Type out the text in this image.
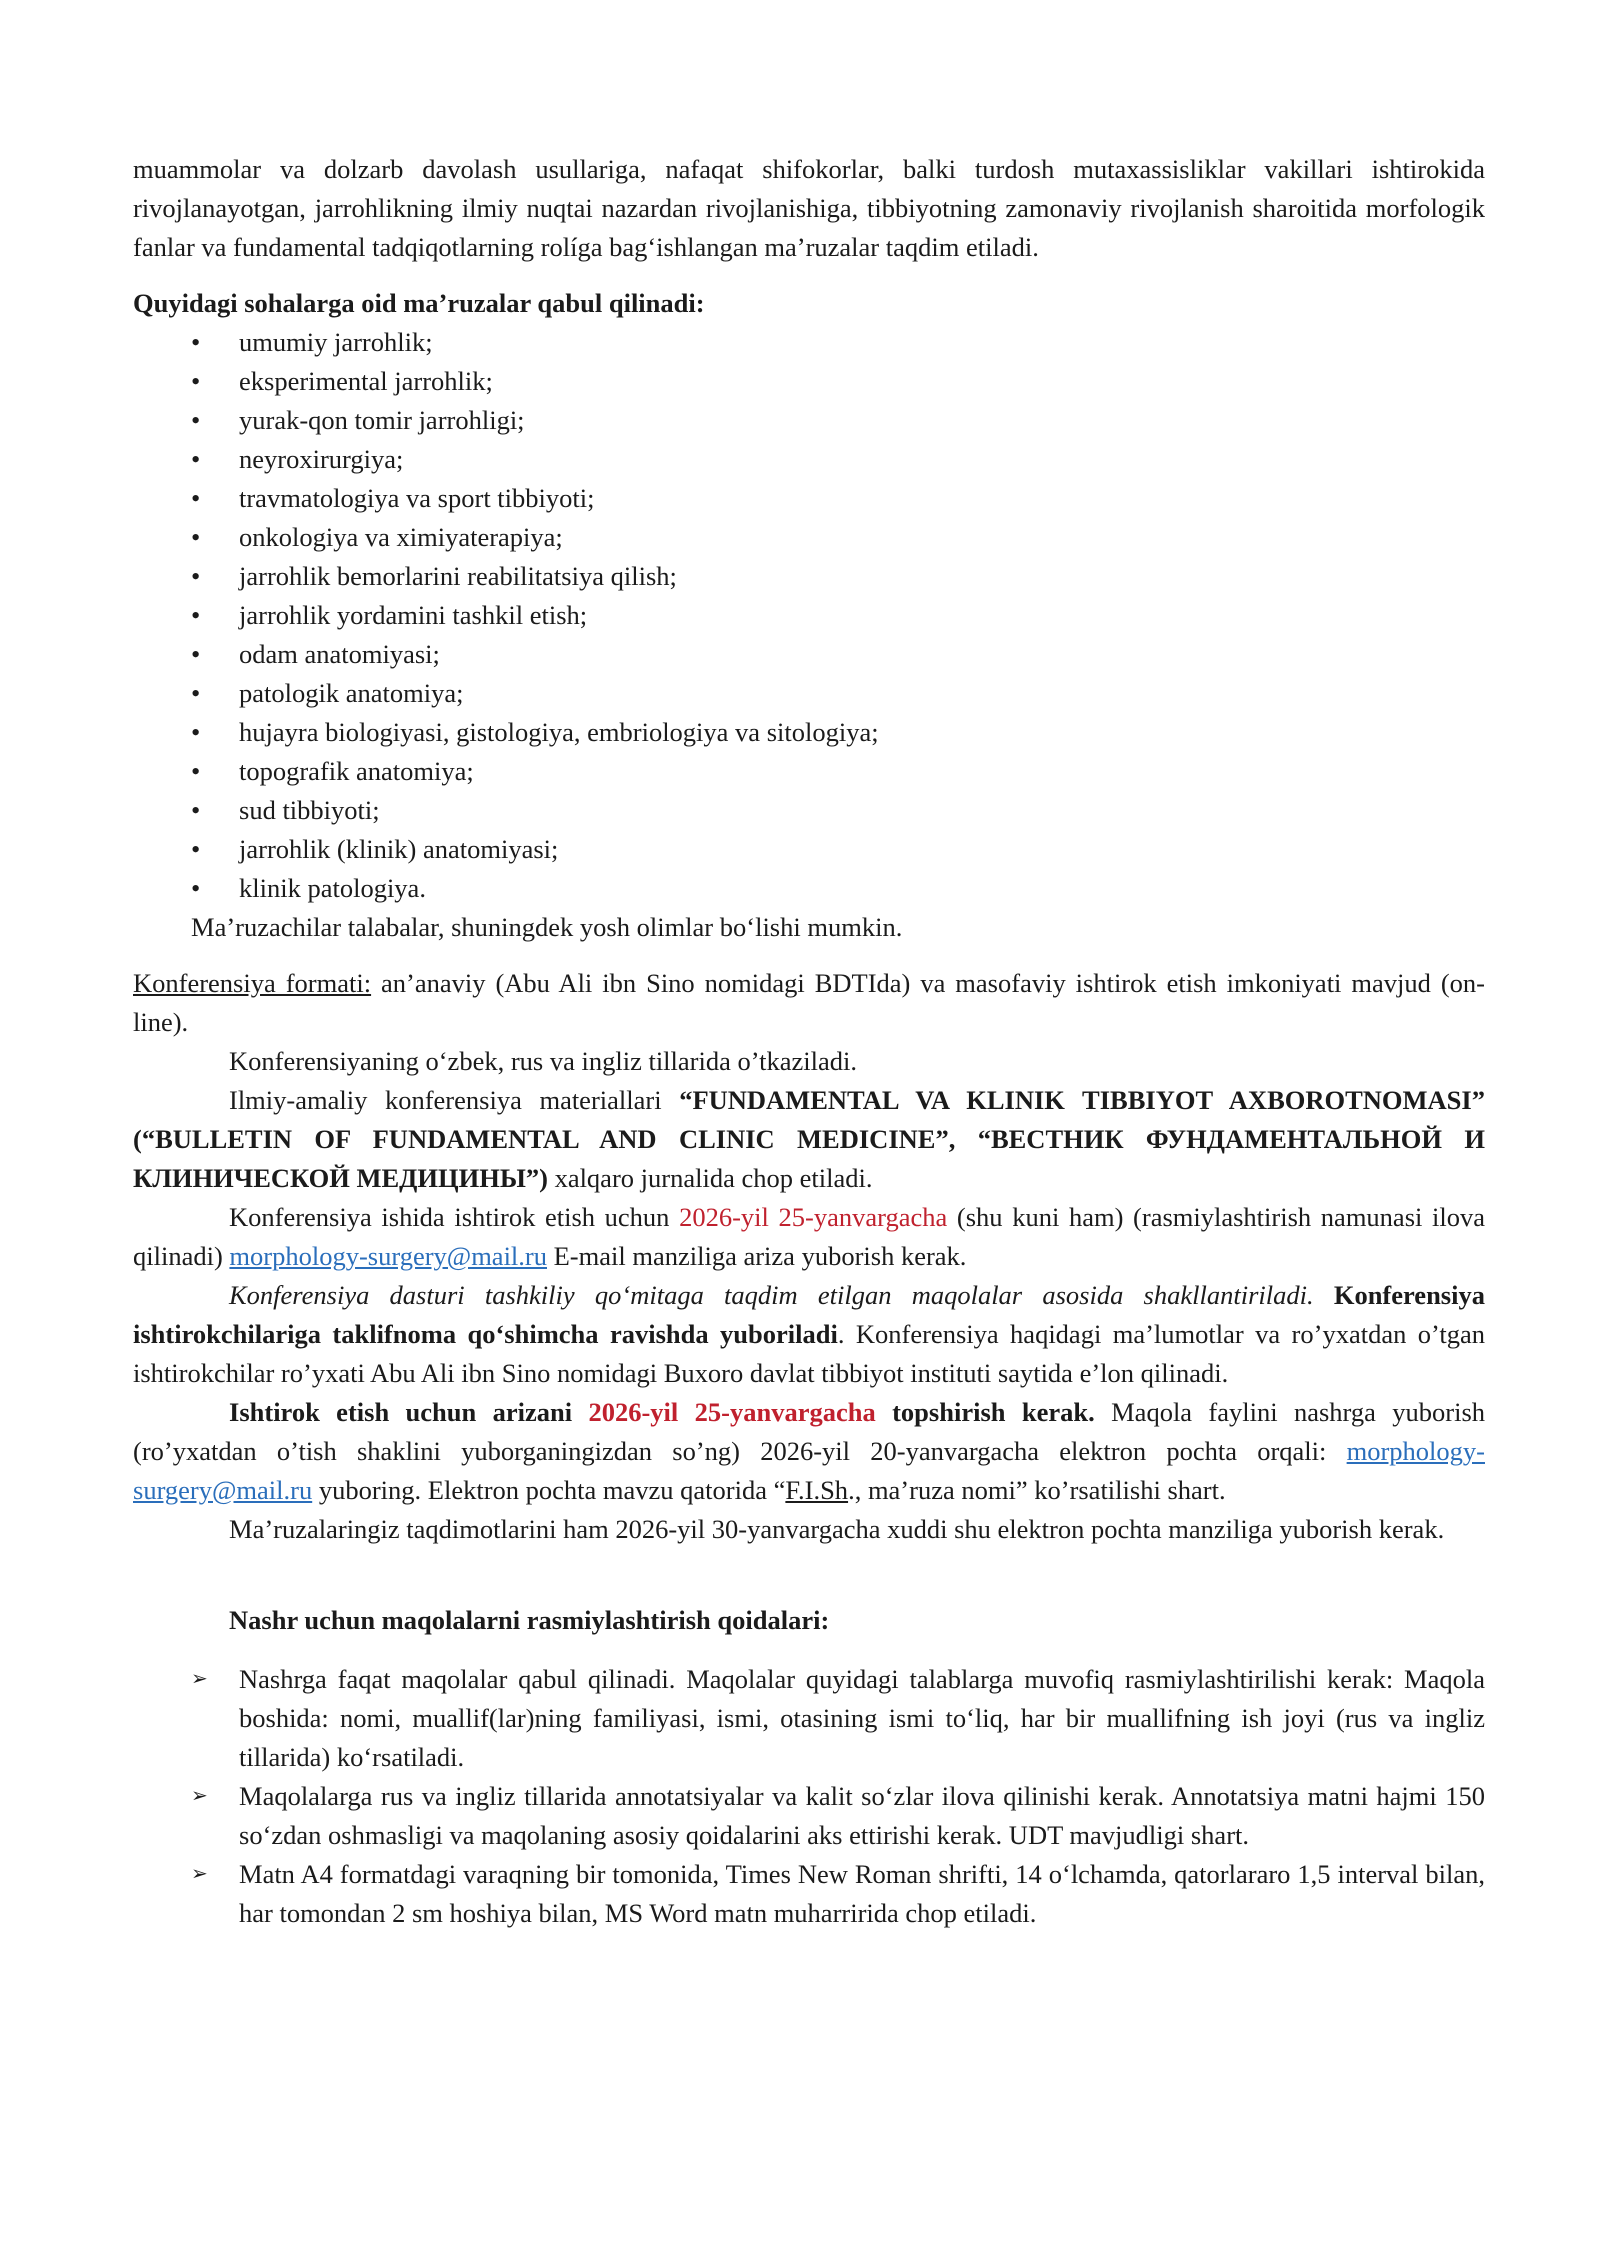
muammolar va dolzarb davolash usullariga, nafaqat shifokorlar, balki turdosh mutaxassisliklar vakillari ishtirokida rivojlanayotgan, jarrohlikning ilmiy nuqtai nazardan rivojlanishiga, tibbiyotning zamonaviy rivojlanish sharoitida morfologik fanlar va fundamental tadqiqotlarning rolíga bag‘ishlangan ma’ruzalar taqdim etiladi.

Quyidagi sohalarga oid ma’ruzalar qabul qilinadi:

• umumiy jarrohlik;
• eksperimental jarrohlik;
• yurak-qon tomir jarrohligi;
• neyroxirurgiya;
• travmatologiya va sport tibbiyoti;
• onkologiya va ximiyaterapiya;
• jarrohlik bemorlarini reabilitatsiya qilish;
• jarrohlik yordamini tashkil etish;
• odam anatomiyasi;
• patologik anatomiya;
• hujayra biologiyasi, gistologiya, embriologiya va sitologiya;
• topografik anatomiya;
• sud tibbiyoti;
• jarrohlik (klinik) anatomiyasi;
• klinik patologiya.

Ma’ruzachilar talabalar, shuningdek yosh olimlar bo‘lishi mumkin.

Konferensiya formati: an’anaviy (Abu Ali ibn Sino nomidagi BDTIda) va masofaviy ishtirok etish imkoniyati mavjud (on-line).

Konferensiyaning o‘zbek, rus va ingliz tillarida o’tkaziladi.

Ilmiy-amaliy konferensiya materiallari “FUNDAMENTAL VA KLINIK TIBBIYOT AXBOROTNOMASI” (“BULLETIN OF FUNDAMENTAL AND CLINIC MEDICINE”, “ВЕСТНИК ФУНДАМЕНТАЛЬНОЙ И КЛИНИЧЕСКОЙ МЕДИЦИНЫ”) xalqaro jurnalida chop etiladi.

Konferensiya ishida ishtirok etish uchun 2026-yil 25-yanvargacha (shu kuni ham) (rasmiylashtirish namunasi ilova qilinadi) morphology-surgery@mail.ru E-mail manziliga ariza yuborish kerak.

Konferensiya dasturi tashkiliy qo‘mitaga taqdim etilgan maqolalar asosida shakllantiriladi. Konferensiya ishtirokchilariga taklifnoma qo‘shimcha ravishda yuboriladi. Konferensiya haqidagi ma’lumotlar va ro’yxatdan o’tgan ishtirokchilar ro’yxati Abu Ali ibn Sino nomidagi Buxoro davlat tibbiyot instituti saytida e’lon qilinadi.

Ishtirok etish uchun arizani 2026-yil 25-yanvargacha topshirish kerak. Maqola faylini nashrga yuborish (ro’yxatdan o’tish shaklini yuborganingizdan so’ng) 2026-yil 20-yanvargacha elektron pochta orqali: morphology-surgery@mail.ru yuboring. Elektron pochta mavzu qatorida “F.I.Sh., ma’ruza nomi” ko’rsatilishi shart.

Ma’ruzalaringiz taqdimotlarini ham 2026-yil 30-yanvargacha xuddi shu elektron pochta manziliga yuborish kerak.

Nashr uchun maqolalarni rasmiylashtirish qoidalari:

➢ Nashrga faqat maqolalar qabul qilinadi. Maqolalar quyidagi talablarga muvofiq rasmiylashtirilishi kerak: Maqola boshida: nomi, muallif(lar)ning familiyasi, ismi, otasining ismi to‘liq, har bir muallifning ish joyi (rus va ingliz tillarida) ko‘rsatiladi.
➢ Maqolalarga rus va ingliz tillarida annotatsiyalar va kalit so‘zlar ilova qilinishi kerak. Annotatsiya matni hajmi 150 so‘zdan oshmasligi va maqolaning asosiy qoidalarini aks ettirishi kerak. UDT mavjudligi shart.
➢ Matn A4 formatdagi varaqning bir tomonida, Times New Roman shrifti, 14 o‘lchamda, qatorlararo 1,5 interval bilan, har tomondan 2 sm hoshiya bilan, MS Word matn muharririda chop etiladi.
